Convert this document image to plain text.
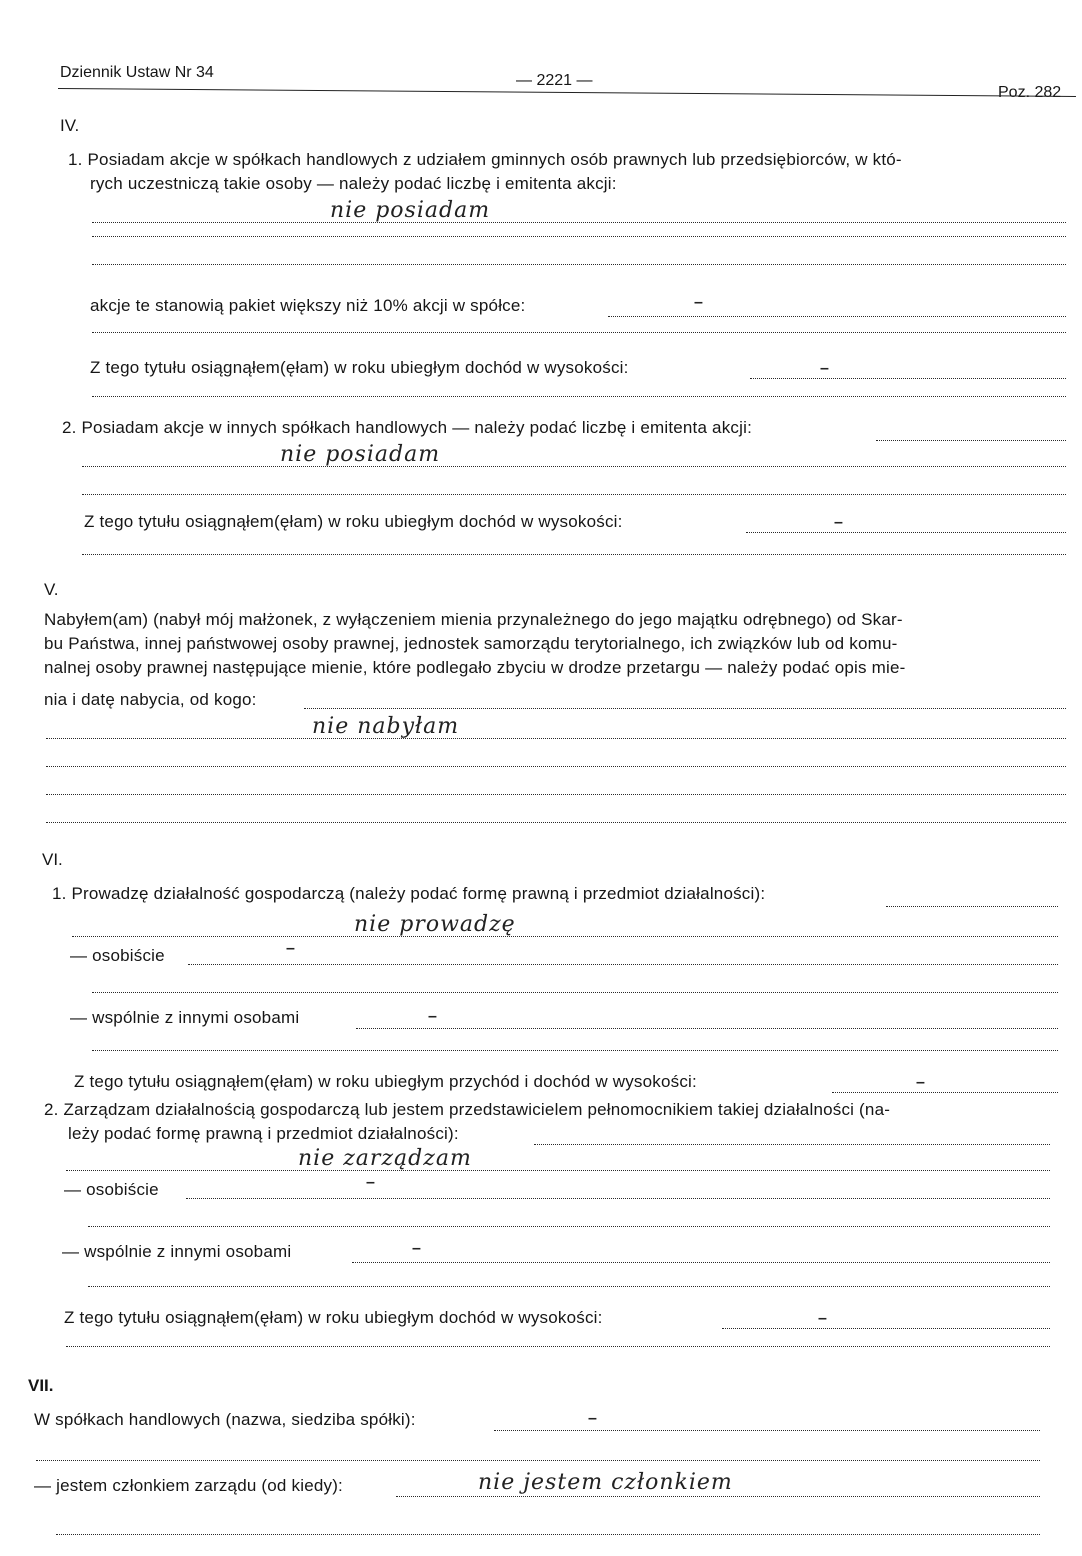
Dziennik Ustaw Nr 34	— 2221 —
Poz. 282
IV.
1. Posiadam akcje w spółkach handlowych z udziałem gminnych osób prawnych lub przedsiębiorców, w któ-
rych uczestniczą takie osoby — należy podać liczbę i emitenta akcji:
nie posiadam
akcje te stanowią pakiet większy niż 10% akcji w spółce:	–
Z tego tytułu osiągnąłem(ęłam) w roku ubiegłym dochód w wysokości:	–
2. Posiadam akcje w innych spółkach handlowych — należy podać liczbę i emitenta akcji:
nie posiadam
Z tego tytułu osiągnąłem(ęłam) w roku ubiegłym dochód w wysokości:	–
V.
Nabyłem(am) (nabył mój małżonek, z wyłączeniem mienia przynależnego do jego majątku odrębnego) od Skar-
bu Państwa, innej państwowej osoby prawnej, jednostek samorządu terytorialnego, ich związków lub od komu-
nalnej osoby prawnej następujące mienie, które podlegało zbyciu w drodze przetargu — należy podać opis mie-
nia i datę nabycia, od kogo:
nie nabyłam
VI.
1. Prowadzę działalność gospodarczą (należy podać formę prawną i przedmiot działalności):
nie prowadzę
— osobiście	–
— wspólnie z innymi osobami	–
Z tego tytułu osiągnąłem(ęłam) w roku ubiegłym przychód i dochód w wysokości:	–
2. Zarządzam działalnością gospodarczą lub jestem przedstawicielem pełnomocnikiem takiej działalności (na-
leży podać formę prawną i przedmiot działalności):
nie zarządzam
— osobiście	–
— wspólnie z innymi osobami	–
Z tego tytułu osiągnąłem(ęłam) w roku ubiegłym dochód w wysokości:	–
VII.
W spółkach handlowych (nazwa, siedziba spółki):	–
— jestem członkiem zarządu (od kiedy):	nie jestem członkiem
